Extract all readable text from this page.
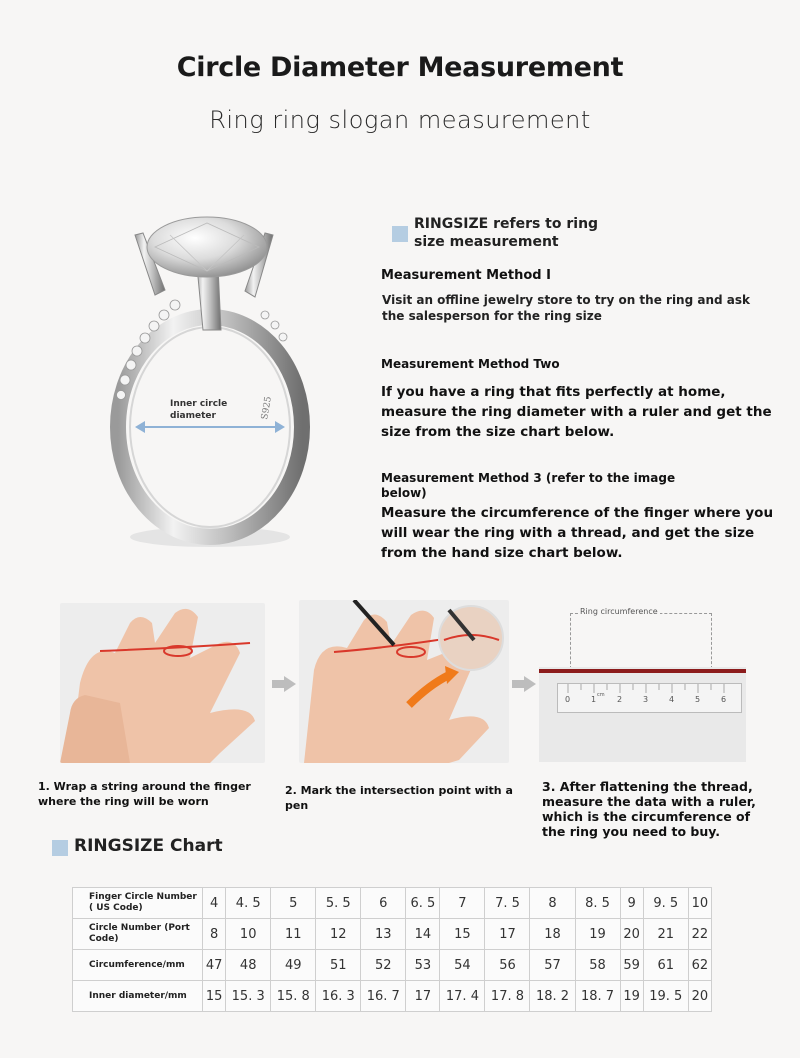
Circle Diameter Measurement
Ring ring slogan measurement
S925
Inner circle diameter
RINGSIZE refers to ring size measurement
Measurement Method I
Visit an offline jewelry store to try on the ring and ask the salesperson for the ring size
Measurement Method Two
If you have a ring that fits perfectly at home, measure the ring diameter with a ruler and get the size from the size chart below.
Measurement Method 3 (refer to the image below)
Measure the circumference of the finger where you will wear the ring with a thread, and get the size from the hand size chart below.
Ring circumference
0	1 cm 2	3	4	5	6
1. Wrap a string around the finger where the ring will be worn
2. Mark the intersection point with a pen
3. After flattening the thread, measure the data with a ruler, which is the circumference of the ring you need to buy.
RINGSIZE Chart
Finger Circle Number ( US Code)	4	4. 5	5	5. 5	6	6. 5	7	7. 5	8	8. 5	9	9. 5	10
Circle Number (Port Code)	8	10	11	12	13	14	15	17	18	19	20	21	22
Circumference/mm	47	48	49	51	52	53	54	56	57	58	59	61	62
Inner diameter/mm	15	15. 3	15. 8	16. 3	16. 7	17	17. 4	17. 8	18. 2	18. 7	19	19. 5	20
